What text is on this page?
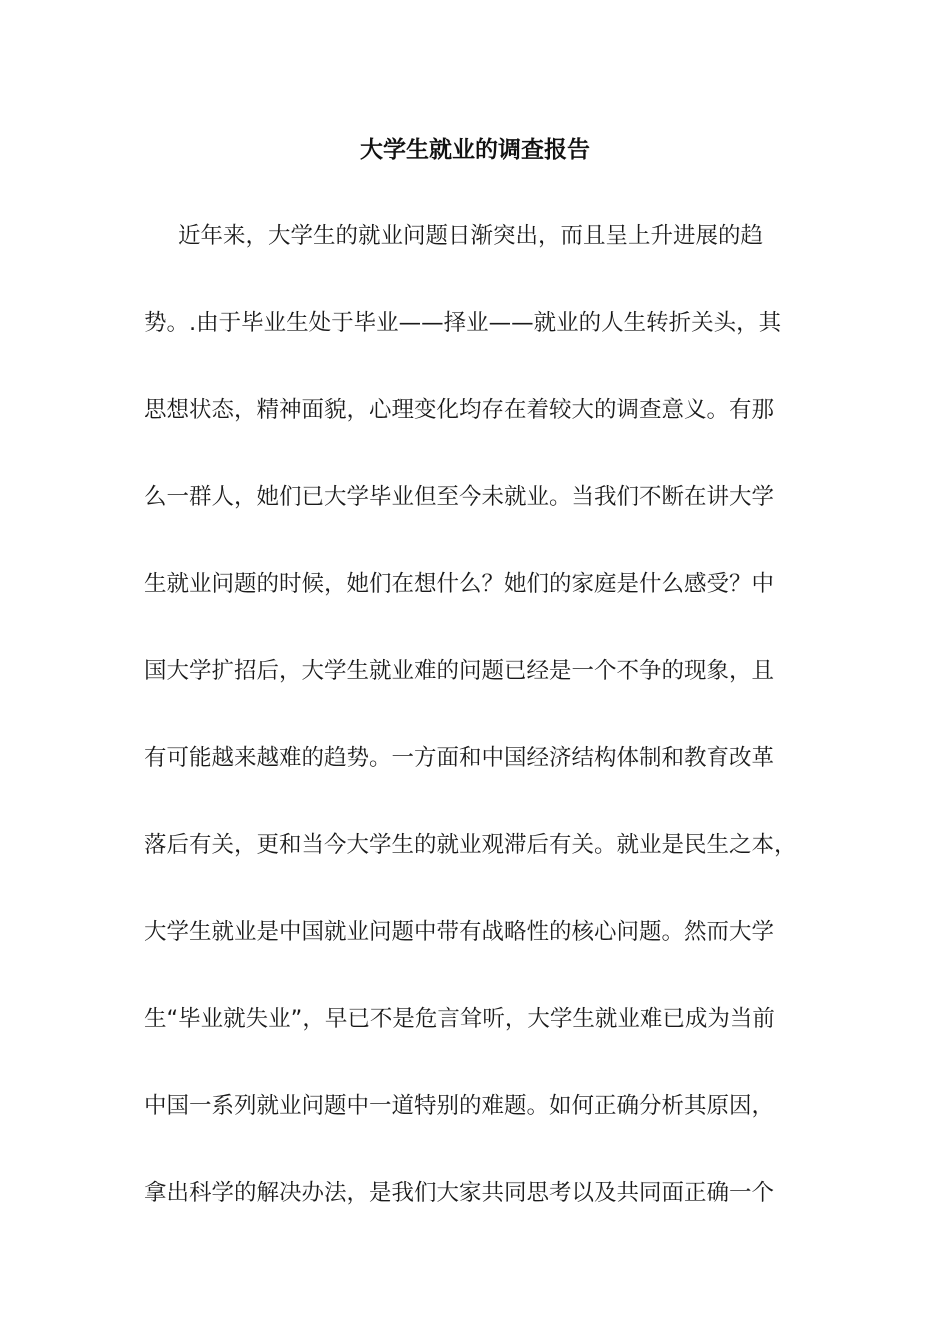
大学生就业的调查报告

近年来，大学生的就业问题日渐突出，而且呈上升进展的趋

势。.由于毕业生处于毕业——择业——就业的人生转折关头，其

思想状态，精神面貌，心理变化均存在着较大的调查意义。有那

么一群人，她们已大学毕业但至今未就业。当我们不断在讲大学

生就业问题的时候，她们在想什么？她们的家庭是什么感受？中

国大学扩招后，大学生就业难的问题已经是一个不争的现象，且

有可能越来越难的趋势。一方面和中国经济结构体制和教育改革

落后有关，更和当今大学生的就业观滞后有关。就业是民生之本，

大学生就业是中国就业问题中带有战略性的核心问题。然而大学

生“毕业就失业”，早已不是危言耸听，大学生就业难已成为当前

中国一系列就业问题中一道特别的难题。如何正确分析其原因，

拿出科学的解决办法，是我们大家共同思考以及共同面正确一个
